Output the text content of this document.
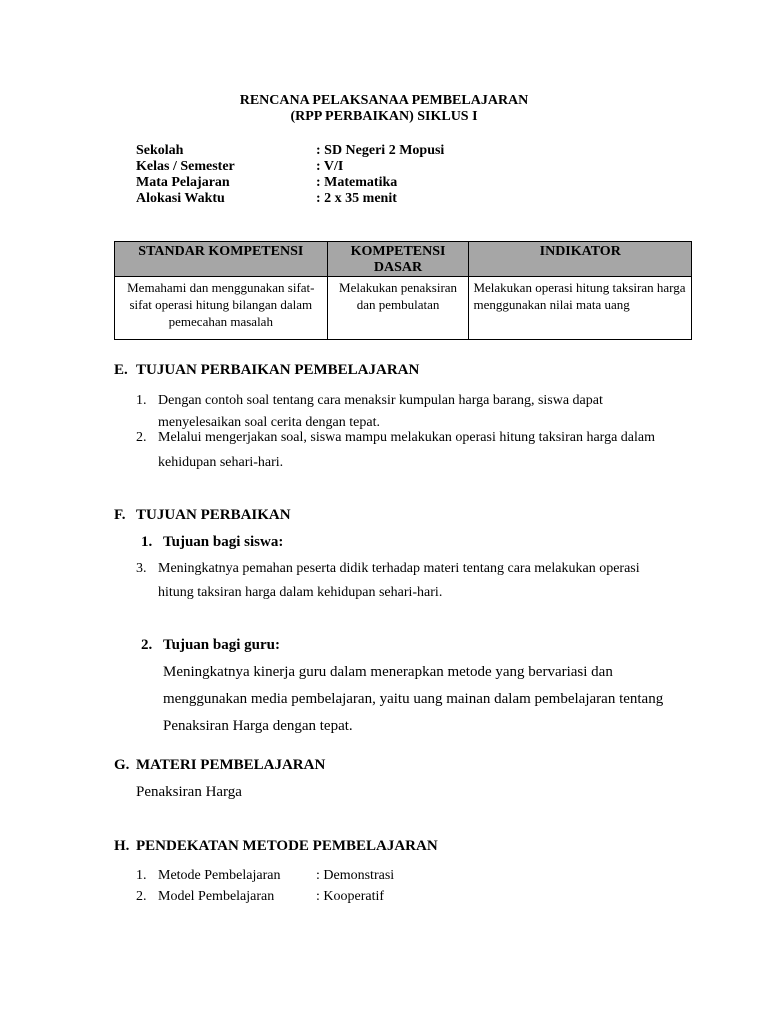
RENCANA PELAKSANAA PEMBELAJARAN
(RPP PERBAIKAN) SIKLUS I
Sekolah	: SD Negeri 2 Mopusi
Kelas / Semester	: V/I
Mata Pelajaran	: Matematika
Alokasi Waktu	: 2 x 35 menit
STANDAR KOMPETENSI	KOMPETENSI DASAR	INDIKATOR
Memahami dan menggunakan sifat-sifat operasi hitung bilangan dalam pemecahan masalah	Melakukan penaksiran dan pembulatan	Melakukan operasi hitung taksiran harga menggunakan nilai mata uang
E. TUJUAN PERBAIKAN PEMBELAJARAN
1. Dengan contoh soal tentang cara menaksir kumpulan harga barang, siswa dapat
menyelesaikan soal cerita dengan tepat.
2. Melalui mengerjakan soal, siswa mampu melakukan operasi hitung taksiran harga dalam
kehidupan sehari-hari.
F. TUJUAN PERBAIKAN
1. Tujuan bagi siswa:
3. Meningkatnya pemahan peserta didik terhadap materi tentang cara melakukan operasi
hitung taksiran harga dalam kehidupan sehari-hari.
2. Tujuan bagi guru:
Meningkatnya kinerja guru dalam menerapkan metode yang bervariasi dan
menggunakan media pembelajaran, yaitu uang mainan dalam pembelajaran tentang
Penaksiran Harga dengan tepat.
G. MATERI PEMBELAJARAN
Penaksiran Harga
H. PENDEKATAN METODE PEMBELAJARAN
1. Metode Pembelajaran	: Demonstrasi
2. Model Pembelajaran	: Kooperatif
